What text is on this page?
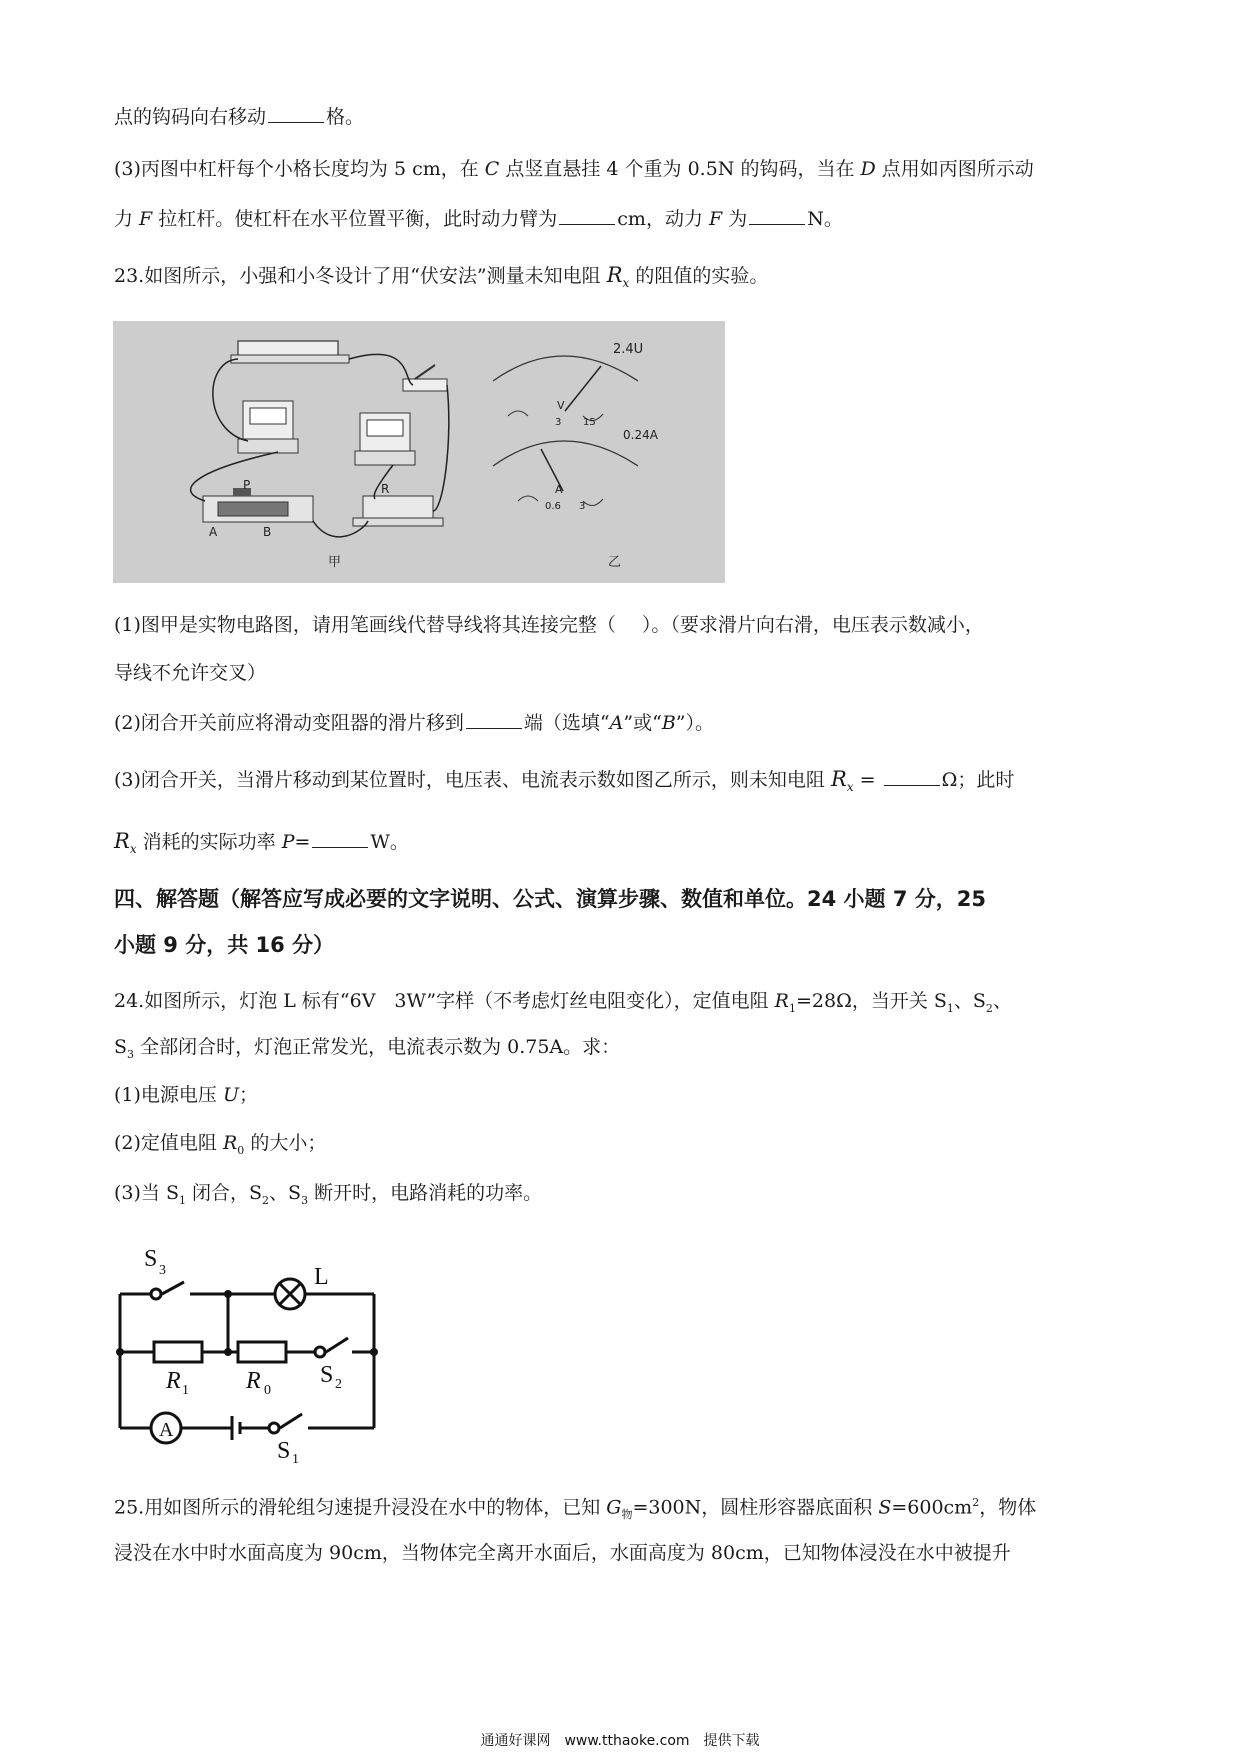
点的钩码向右移动	格。
(3)丙图中杠杆每个小格长度均为 5 cm，在 C 点竖直悬挂 4 个重为 0.5N 的钩码，当在 D 点用如丙图所示动
力 F 拉杠杆。使杠杆在水平位置平衡，此时动力臂为	cm，动力 F 为	N。
23.如图所示，小强和小冬设计了用“伏安法”测量未知电阻 $R_x$ 的阻值的实验。
P
A	B
R
甲	乙
2.4U
0.24A
V
3 15
A
0.6 3
(1)图甲是实物电路图，请用笔画线代替导线将其连接完整（ ）。（要求滑片向右滑，电压表示数减小，
导线不允许交叉）
(2)闭合开关前应将滑动变阻器的滑片移到	端（选填“A”或“B”）。
(3)闭合开关，当滑片移动到某位置时，电压表、电流表示数如图乙所示，则未知电阻 $R_x$ =	Ω；此时
$R_x$ 消耗的实际功率 P=	W。
四、解答题（解答应写成必要的文字说明、公式、演算步骤、数值和单位。24 小题 7 分，25
小题 9 分，共 16 分）
24.如图所示，灯泡 L 标有“6V　3W”字样（不考虑灯丝电阻变化），定值电阻 $R_1=28\Omega$，当开关 $S_1$、$S_2$、
$S_3$ 全部闭合时，灯泡正常发光，电流表示数为 0.75A。求：
(1)电源电压 U；
(2)定值电阻 $R_0$ 的大小；
(3)当 $S_1$ 闭合，$S_2$、$S_3$ 断开时，电路消耗的功率。
S 3	L
R 1 R 0
S 2
A
S 1
25.用如图所示的滑轮组匀速提升浸没在水中的物体，已知 $G_物=300N$，圆柱形容器底面积 $S=600cm^2$，物体
浸没在水中时水面高度为 90cm，当物体完全离开水面后，水面高度为 80cm，已知物体浸没在水中被提升
通通好课网　www.tthaoke.com　提供下载
